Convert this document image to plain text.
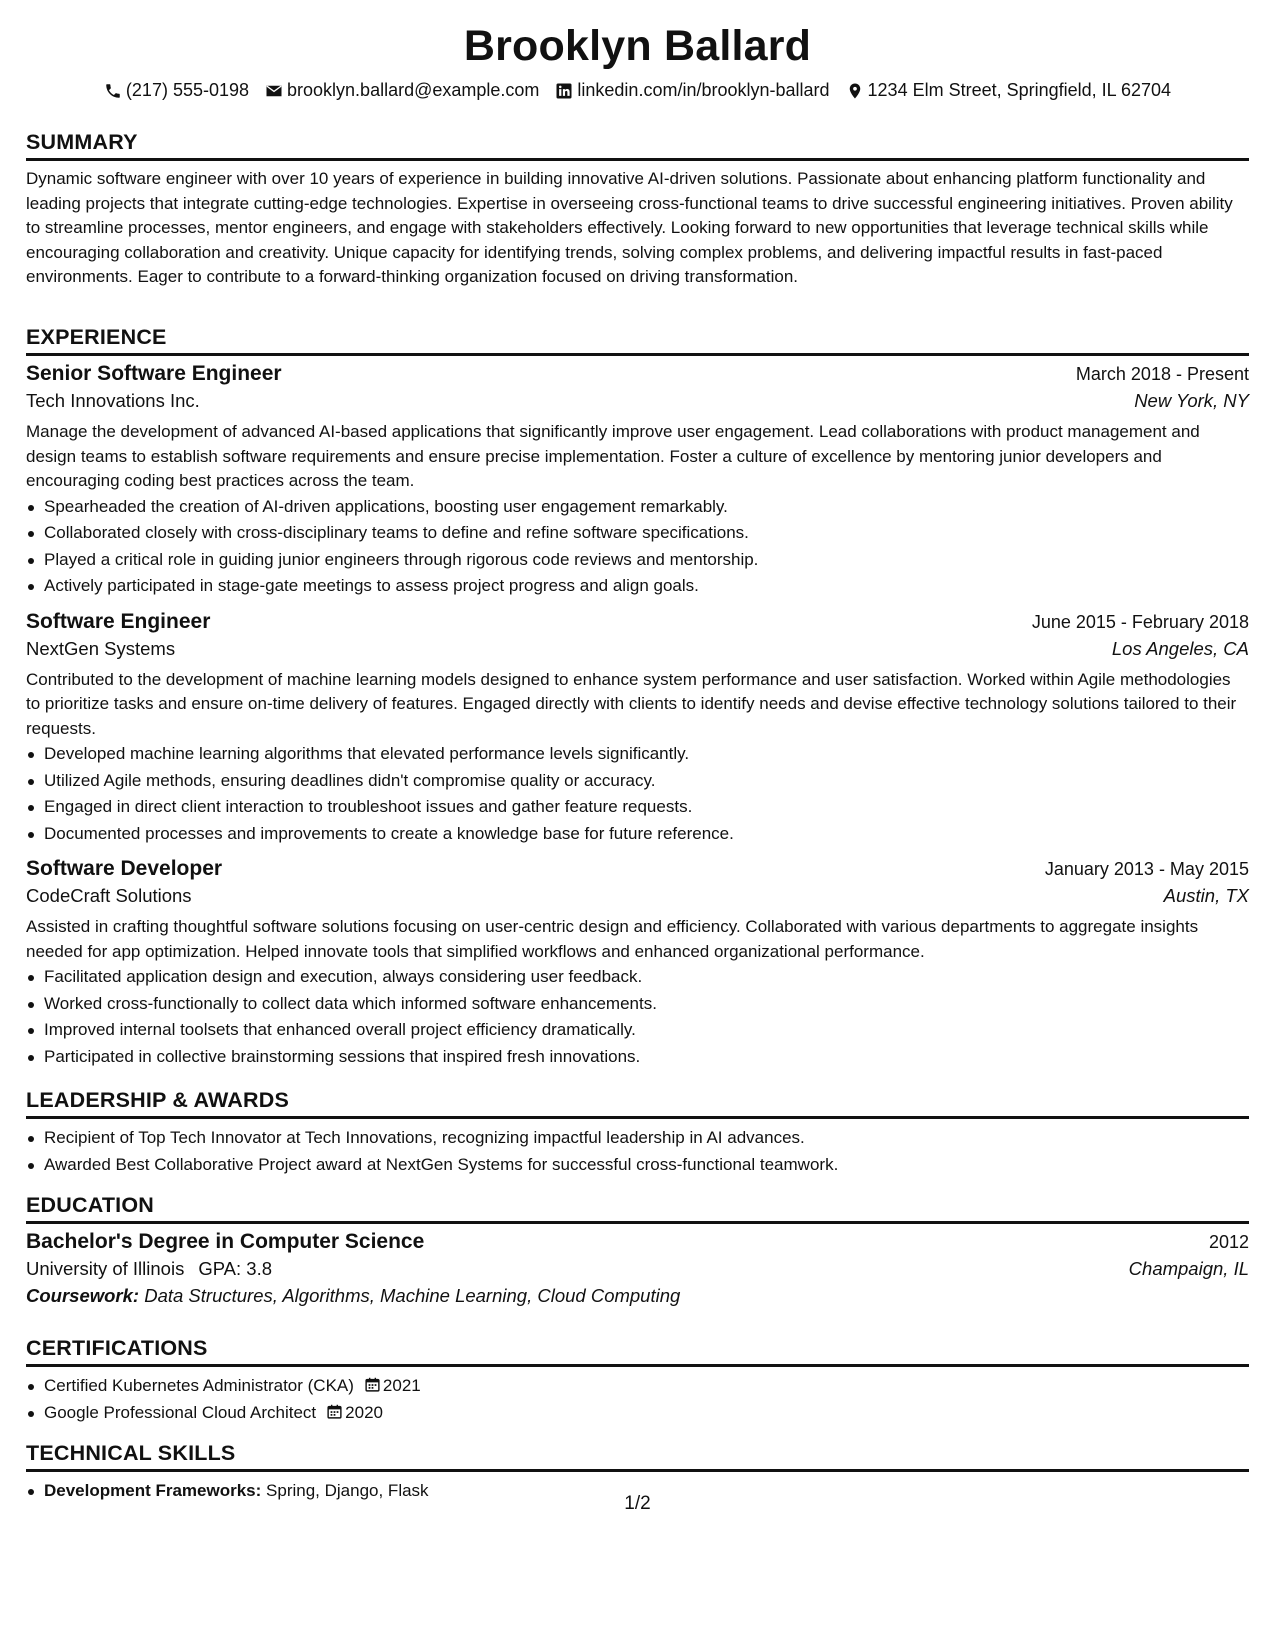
Brooklyn Ballard
(217) 555-0198 brooklyn.ballard@example.com linkedin.com/in/brooklyn-ballard 1234 Elm Street, Springfield, IL 62704
SUMMARY
Dynamic software engineer with over 10 years of experience in building innovative AI-driven solutions. Passionate about enhancing platform functionality and leading projects that integrate cutting-edge technologies. Expertise in overseeing cross-functional teams to drive successful engineering initiatives. Proven ability to streamline processes, mentor engineers, and engage with stakeholders effectively. Looking forward to new opportunities that leverage technical skills while encouraging collaboration and creativity. Unique capacity for identifying trends, solving complex problems, and delivering impactful results in fast-paced environments. Eager to contribute to a forward-thinking organization focused on driving transformation.
EXPERIENCE
Senior Software Engineer	March 2018 - Present
Tech Innovations Inc.	New York, NY
Manage the development of advanced AI-based applications that significantly improve user engagement. Lead collaborations with product management and design teams to establish software requirements and ensure precise implementation. Foster a culture of excellence by mentoring junior developers and encouraging coding best practices across the team.
Spearheaded the creation of AI-driven applications, boosting user engagement remarkably.
Collaborated closely with cross-disciplinary teams to define and refine software specifications.
Played a critical role in guiding junior engineers through rigorous code reviews and mentorship.
Actively participated in stage-gate meetings to assess project progress and align goals.
Software Engineer	June 2015 - February 2018
NextGen Systems	Los Angeles, CA
Contributed to the development of machine learning models designed to enhance system performance and user satisfaction. Worked within Agile methodologies to prioritize tasks and ensure on-time delivery of features. Engaged directly with clients to identify needs and devise effective technology solutions tailored to their requests.
Developed machine learning algorithms that elevated performance levels significantly.
Utilized Agile methods, ensuring deadlines didn't compromise quality or accuracy.
Engaged in direct client interaction to troubleshoot issues and gather feature requests.
Documented processes and improvements to create a knowledge base for future reference.
Software Developer	January 2013 - May 2015
CodeCraft Solutions	Austin, TX
Assisted in crafting thoughtful software solutions focusing on user-centric design and efficiency. Collaborated with various departments to aggregate insights needed for app optimization. Helped innovate tools that simplified workflows and enhanced organizational performance.
Facilitated application design and execution, always considering user feedback.
Worked cross-functionally to collect data which informed software enhancements.
Improved internal toolsets that enhanced overall project efficiency dramatically.
Participated in collective brainstorming sessions that inspired fresh innovations.
LEADERSHIP & AWARDS
Recipient of Top Tech Innovator at Tech Innovations, recognizing impactful leadership in AI advances.
Awarded Best Collaborative Project award at NextGen Systems for successful cross-functional teamwork.
EDUCATION
Bachelor's Degree in Computer Science	2012
University of Illinois GPA: 3.8	Champaign, IL
Coursework: Data Structures, Algorithms, Machine Learning, Cloud Computing
CERTIFICATIONS
Certified Kubernetes Administrator (CKA) 2021
Google Professional Cloud Architect 2020
TECHNICAL SKILLS
Development Frameworks: Spring, Django, Flask
1/2
